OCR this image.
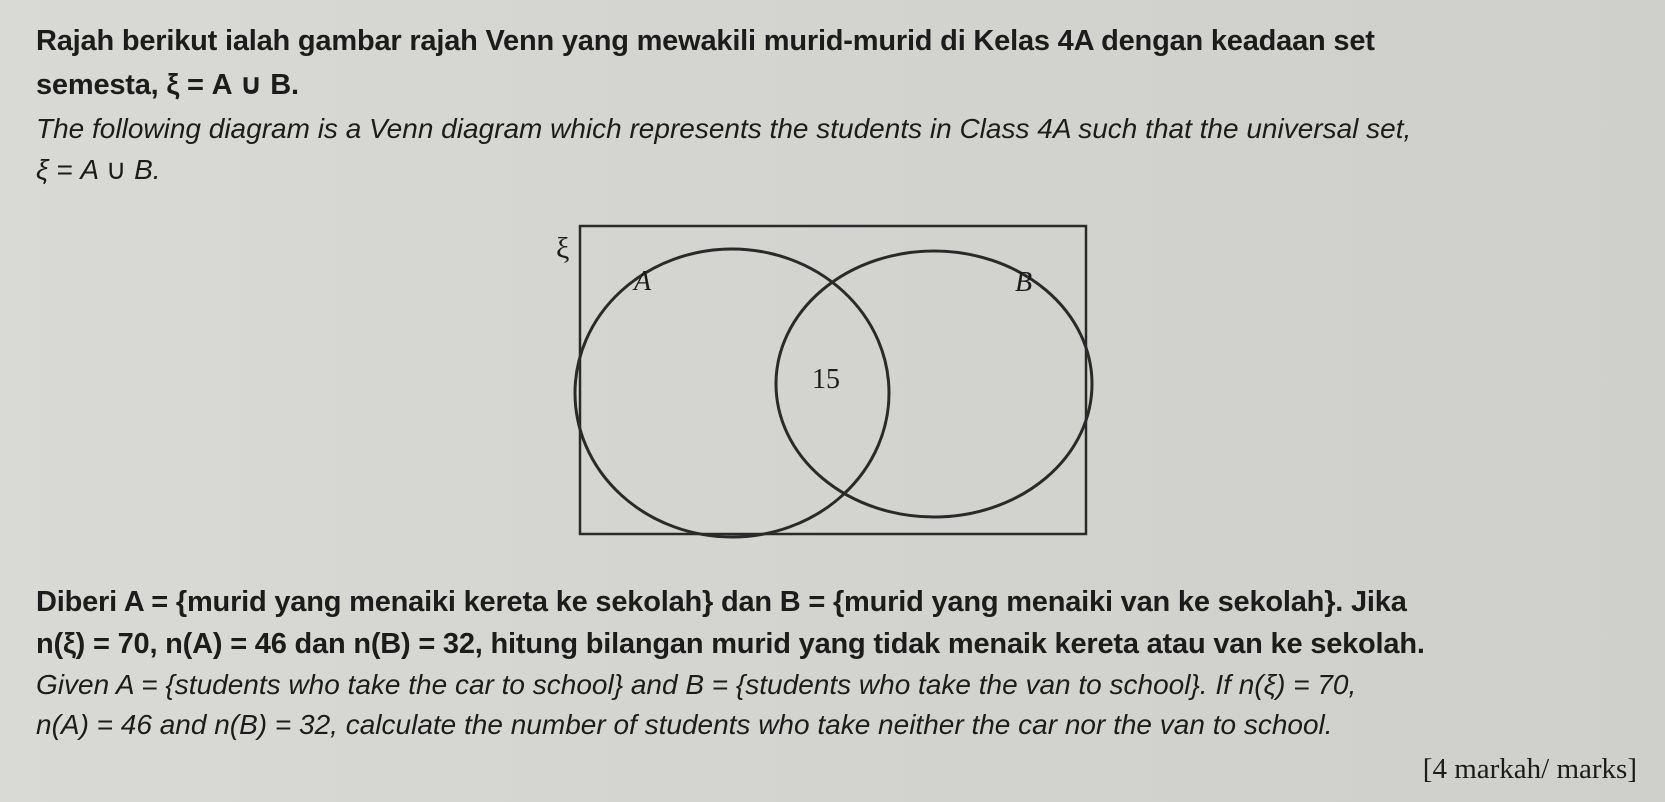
Rajah berikut ialah gambar rajah Venn yang mewakili murid-murid di Kelas 4A dengan keadaan set
semesta, ξ = A ∪ B.
The following diagram is a Venn diagram which represents the students in Class 4A such that the universal set,
ξ = A ∪ B.
ξ
A	B
15
Diberi A = {murid yang menaiki kereta ke sekolah} dan B = {murid yang menaiki van ke sekolah}. Jika
n(ξ) = 70, n(A) = 46 dan n(B) = 32, hitung bilangan murid yang tidak menaik kereta atau van ke sekolah.
Given A = {students who take the car to school} and B = {students who take the van to school}. If n(ξ) = 70,
n(A) = 46 and n(B) = 32, calculate the number of students who take neither the car nor the van to school.
[4 markah/ marks]
